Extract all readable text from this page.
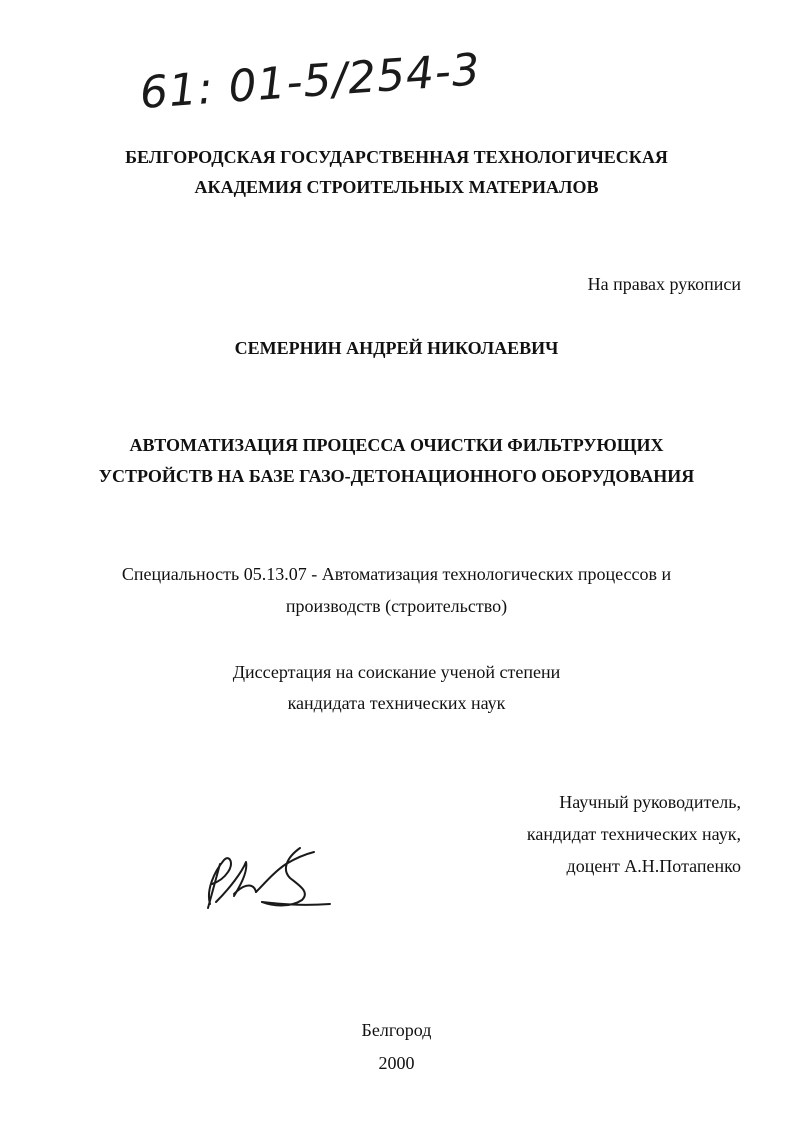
61: 01-5/254-3
БЕЛГОРОДСКАЯ ГОСУДАРСТВЕННАЯ ТЕХНОЛОГИЧЕСКАЯ
АКАДЕМИЯ СТРОИТЕЛЬНЫХ МАТЕРИАЛОВ
На правах рукописи
СЕМЕРНИН АНДРЕЙ НИКОЛАЕВИЧ
АВТОМАТИЗАЦИЯ ПРОЦЕССА ОЧИСТКИ ФИЛЬТРУЮЩИХ
УСТРОЙСТВ НА БАЗЕ ГАЗО-ДЕТОНАЦИОННОГО ОБОРУДОВАНИЯ
Специальность 05.13.07 - Автоматизация технологических процессов и
производств (строительство)
Диссертация на соискание ученой степени
кандидата технических наук
Научный руководитель,
кандидат технических наук,
доцент А.Н.Потапенко
Белгород
2000
